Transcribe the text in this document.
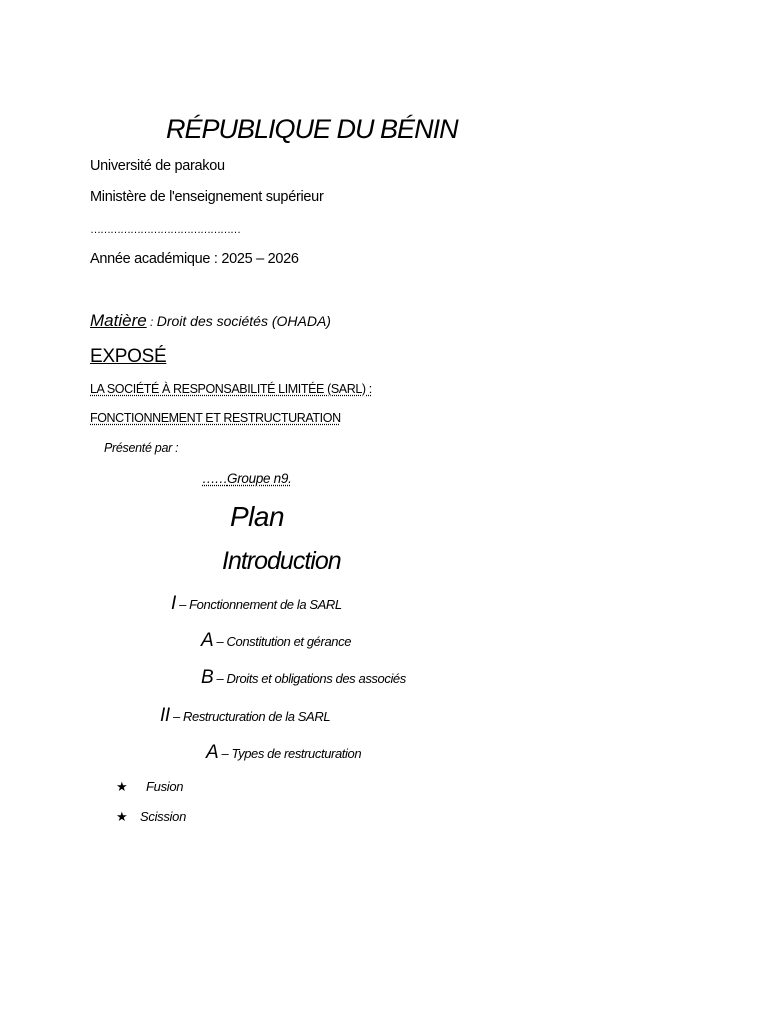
RÉPUBLIQUE DU BÉNIN
Université de parakou
Ministère de l'enseignement supérieur
………………………………………
Année académique : 2025 – 2026
Matière : Droit des sociétés (OHADA)
EXPOSÉ
LA SOCIÉTÉ À RESPONSABILITÉ LIMITÉE (SARL) :
FONCTIONNEMENT ET RESTRUCTURATION
Présenté par :
……Groupe n9.
Plan
Introduction
I – Fonctionnement de la SARL
A – Constitution et gérance
B – Droits et obligations des associés
II – Restructuration de la SARL
A – Types de restructuration
★ Fusion
★ Scission
